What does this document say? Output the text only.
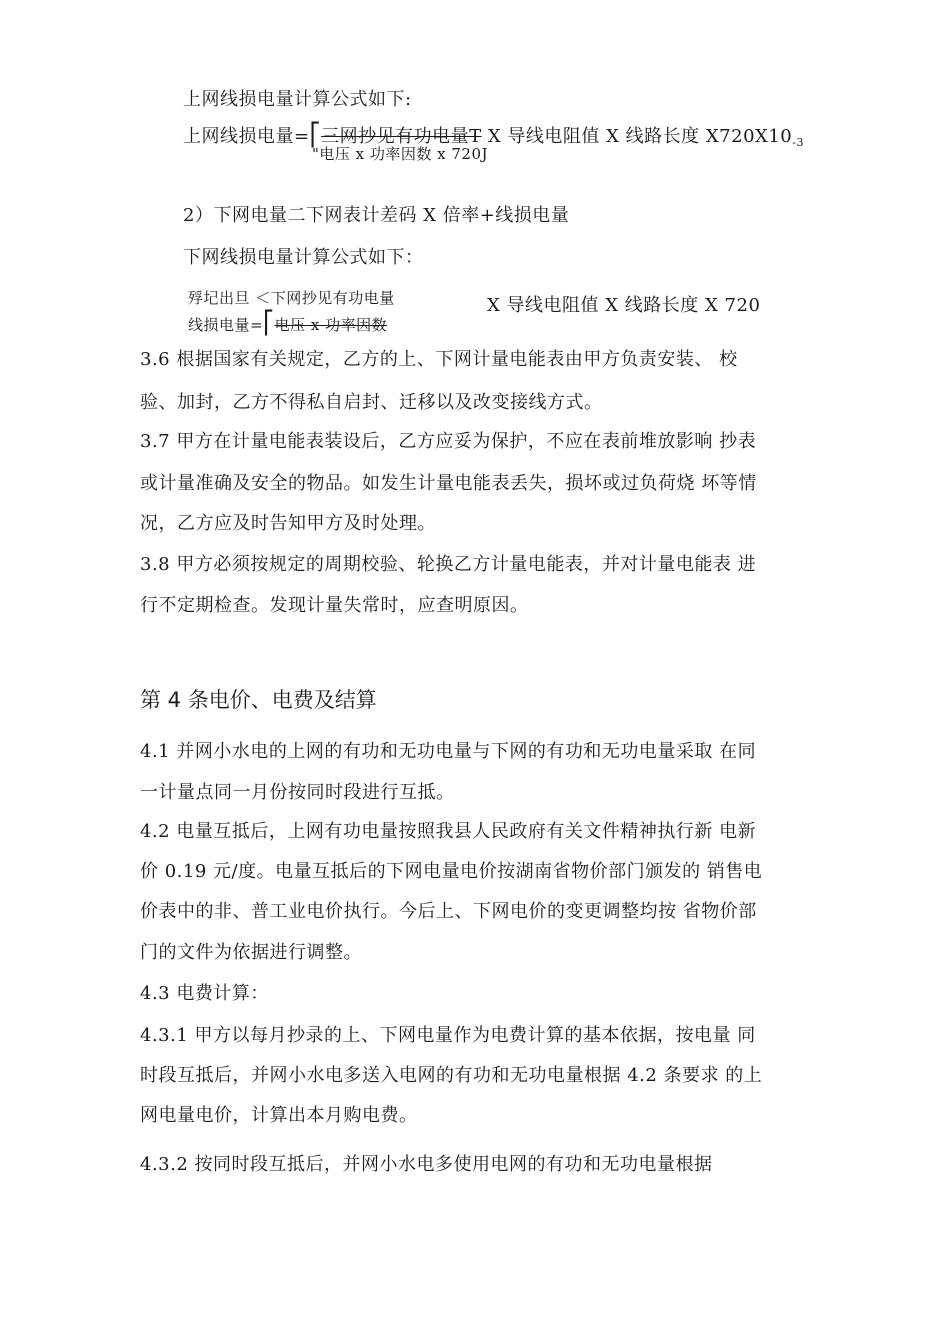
上网线损电量计算公式如下:
上网线损电量=⎡三网抄见有功电量T X 导线电阻值 X 线路长度 $X720X10_{-3}$
"电压 x 功率因数 x 720J
2）下网电量二下网表计差码 X 倍率+线损电量
下网线损电量计算公式如下：
殍圮出旦 ＜下网抄见有功电量
线损电量=⎡电压 x 功率因数
X 导线电阻值 X 线路长度 X 720
3.6 根据国家有关规定，乙方的上、下网计量电能表由甲方负责安装、 校
验、加封，乙方不得私自启封、迁移以及改变接线方式。
3.7 甲方在计量电能表装设后，乙方应妥为保护，不应在表前堆放影响 抄表
或计量准确及安全的物品。如发生计量电能表丢失，损坏或过负荷烧 坏等情
况，乙方应及时告知甲方及时处理。
3.8 甲方必须按规定的周期校验、轮换乙方计量电能表，并对计量电能表 进
行不定期检查。发现计量失常时，应查明原因。
第 4 条电价、电费及结算
4.1 并网小水电的上网的有功和无功电量与下网的有功和无功电量采取 在同
一计量点同一月份按同时段进行互抵。
4.2 电量互抵后，上网有功电量按照我县人民政府有关文件精神执行新 电新
价 0.19 元/度。电量互抵后的下网电量电价按湖南省物价部门颁发的 销售电
价表中的非、普工业电价执行。今后上、下网电价的变更调整均按 省物价部
门的文件为依据进行调整。
4.3 电费计算：
4.3.1 甲方以每月抄录的上、下网电量作为电费计算的基本依据，按电量 同
时段互抵后，并网小水电多送入电网的有功和无功电量根据 4.2 条要求 的上
网电量电价，计算出本月购电费。
4.3.2 按同时段互抵后，并网小水电多使用电网的有功和无功电量根据
